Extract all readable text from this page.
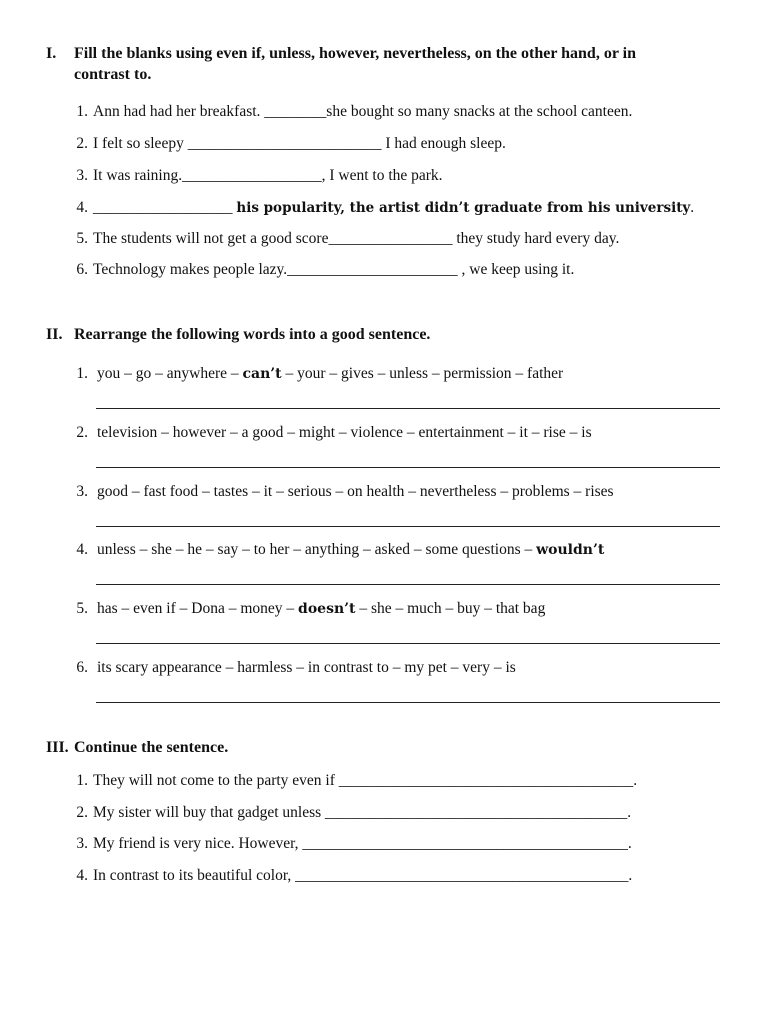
I. Fill the blanks using even if, unless, however, nevertheless, on the other hand, or in
contrast to.
1. Ann had had her breakfast. ________she bought so many snacks at the school canteen.
2. I felt so sleepy _________________________ I had enough sleep.
3. It was raining.__________________, I went to the park.
4. __________________ his popularity, the artist didn’t graduate from his university.
5. The students will not get a good score________________ they study hard every day.
6. Technology makes people lazy.______________________ , we keep using it.
II. Rearrange the following words into a good sentence.
1. you – go – anywhere – can’t – your – gives – unless – permission – father
2. television – however – a good – might – violence – entertainment – it – rise – is
3. good – fast food – tastes – it – serious – on health – nevertheless – problems – rises
4. unless – she – he – say – to her – anything – asked – some questions – wouldn’t
5. has – even if – Dona – money – doesn’t – she – much – buy – that bag
6. its scary appearance – harmless – in contrast to – my pet – very – is
III. Continue the sentence.
1. They will not come to the party even if ______________________________________.
2. My sister will buy that gadget unless _______________________________________.
3. My friend is very nice. However, __________________________________________.
4. In contrast to its beautiful color, ___________________________________________.
